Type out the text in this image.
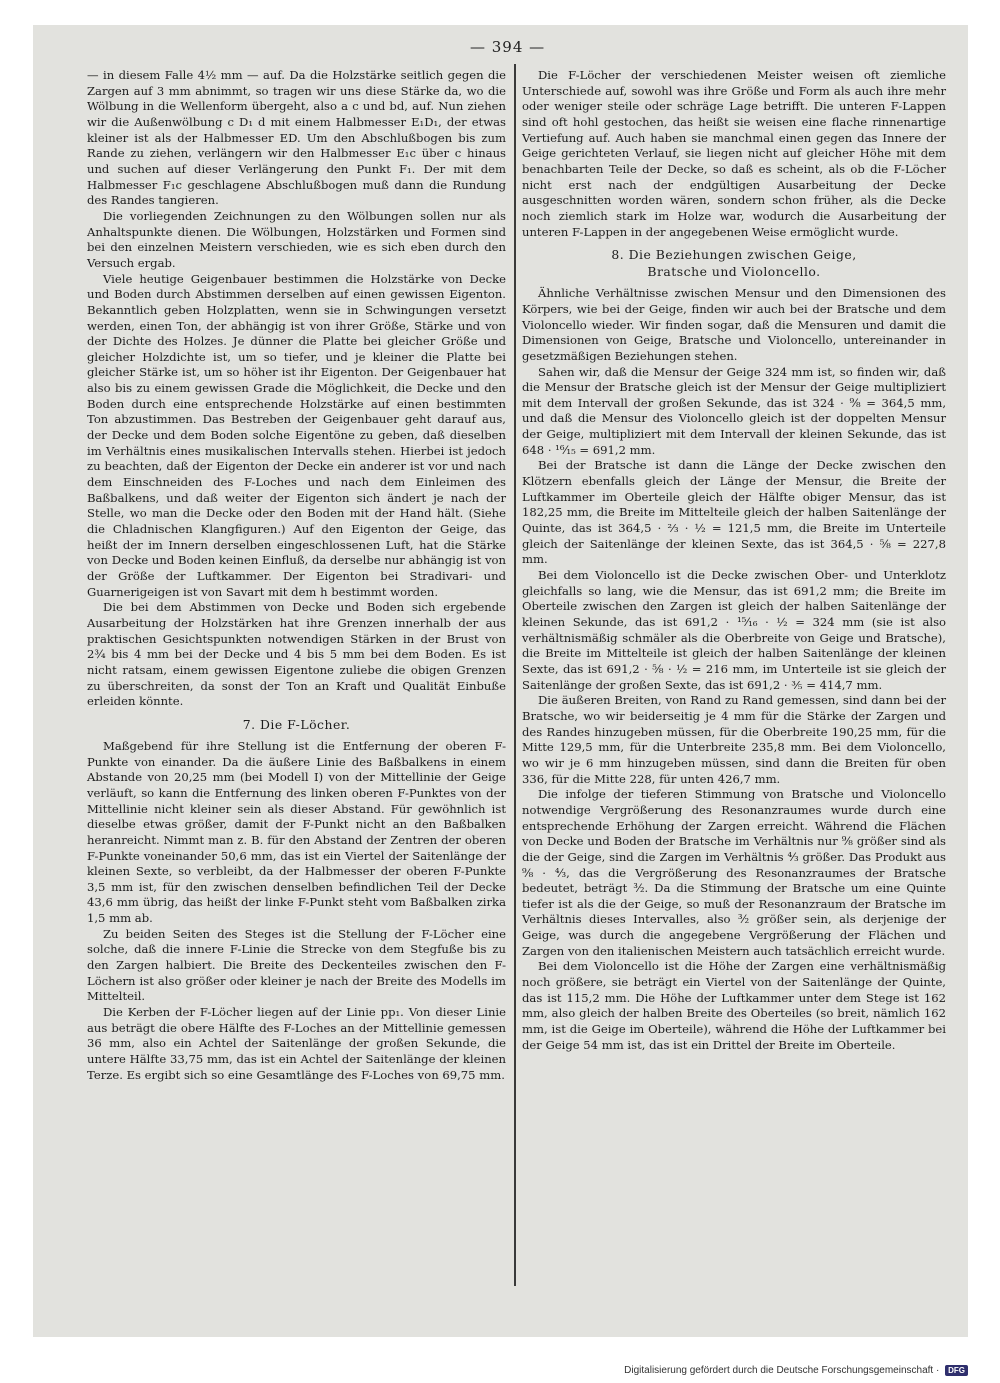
— 394 —

— in diesem Falle 4½ mm — auf. Da die Holzstärke seitlich gegen die Zargen auf 3 mm abnimmt, so tragen wir uns diese Stärke da, wo die Wölbung in die Wellenform übergeht, also a c und bd, auf. Nun ziehen wir die Außenwölbung c D₁ d mit einem Halbmesser E₁D₁, der etwas kleiner ist als der Halbmesser ED. Um den Abschlußbogen bis zum Rande zu ziehen, verlängern wir den Halbmesser E₁c über c hinaus und suchen auf dieser Verlängerung den Punkt F₁. Der mit dem Halbmesser F₁c geschlagene Abschlußbogen muß dann die Rundung des Randes tangieren.

Die vorliegenden Zeichnungen zu den Wölbungen sollen nur als Anhaltspunkte dienen. Die Wölbungen, Holzstärken und Formen sind bei den einzelnen Meistern verschieden, wie es sich eben durch den Versuch ergab.

Viele heutige Geigenbauer bestimmen die Holzstärke von Decke und Boden durch Abstimmen derselben auf einen gewissen Eigenton. Bekanntlich geben Holzplatten, wenn sie in Schwingungen versetzt werden, einen Ton, der abhängig ist von ihrer Größe, Stärke und von der Dichte des Holzes. Je dünner die Platte bei gleicher Größe und gleicher Holzdichte ist, um so tiefer, und je kleiner die Platte bei gleicher Stärke ist, um so höher ist ihr Eigenton. Der Geigenbauer hat also bis zu einem gewissen Grade die Möglichkeit, die Decke und den Boden durch eine entsprechende Holzstärke auf einen bestimmten Ton abzustimmen. Das Bestreben der Geigenbauer geht darauf aus, der Decke und dem Boden solche Eigentöne zu geben, daß dieselben im Verhältnis eines musikalischen Intervalls stehen. Hierbei ist jedoch zu beachten, daß der Eigenton der Decke ein anderer ist vor und nach dem Einschneiden des F-Loches und nach dem Einleimen des Baßbalkens, und daß weiter der Eigenton sich ändert je nach der Stelle, wo man die Decke oder den Boden mit der Hand hält. (Siehe die Chladnischen Klangfiguren.) Auf den Eigenton der Geige, das heißt der im Innern derselben eingeschlossenen Luft, hat die Stärke von Decke und Boden keinen Einfluß, da derselbe nur abhängig ist von der Größe der Luftkammer. Der Eigenton bei Stradivari- und Guarnerigeigen ist von Savart mit dem h bestimmt worden.

Die bei dem Abstimmen von Decke und Boden sich ergebende Ausarbeitung der Holzstärken hat ihre Grenzen innerhalb der aus praktischen Gesichtspunkten notwendigen Stärken in der Brust von 2¾ bis 4 mm bei der Decke und 4 bis 5 mm bei dem Boden. Es ist nicht ratsam, einem gewissen Eigentone zuliebe die obigen Grenzen zu überschreiten, da sonst der Ton an Kraft und Qualität Einbuße erleiden könnte.

7. Die F-Löcher.

Maßgebend für ihre Stellung ist die Entfernung der oberen F-Punkte von einander. Da die äußere Linie des Baßbalkens in einem Abstande von 20,25 mm (bei Modell I) von der Mittellinie der Geige verläuft, so kann die Entfernung des linken oberen F-Punktes von der Mittellinie nicht kleiner sein als dieser Abstand. Für gewöhnlich ist dieselbe etwas größer, damit der F-Punkt nicht an den Baßbalken heranreicht. Nimmt man z. B. für den Abstand der Zentren der oberen F-Punkte voneinander 50,6 mm, das ist ein Viertel der Saitenlänge der kleinen Sexte, so verbleibt, da der Halbmesser der oberen F-Punkte 3,5 mm ist, für den zwischen denselben befindlichen Teil der Decke 43,6 mm übrig, das heißt der linke F-Punkt steht vom Baßbalken zirka 1,5 mm ab.

Zu beiden Seiten des Steges ist die Stellung der F-Löcher eine solche, daß die innere F-Linie die Strecke von dem Stegfuße bis zu den Zargen halbiert. Die Breite des Deckenteiles zwischen den F-Löchern ist also größer oder kleiner je nach der Breite des Modells im Mittelteil.

Die Kerben der F-Löcher liegen auf der Linie pp₁. Von dieser Linie aus beträgt die obere Hälfte des F-Loches an der Mittellinie gemessen 36 mm, also ein Achtel der Saitenlänge der großen Sekunde, die untere Hälfte 33,75 mm, das ist ein Achtel der Saitenlänge der kleinen Terze. Es ergibt sich so eine Gesamtlänge des F-Loches von 69,75 mm.

Die F-Löcher der verschiedenen Meister weisen oft ziemliche Unterschiede auf, sowohl was ihre Größe und Form als auch ihre mehr oder weniger steile oder schräge Lage betrifft. Die unteren F-Lappen sind oft hohl gestochen, das heißt sie weisen eine flache rinnenartige Vertiefung auf. Auch haben sie manchmal einen gegen das Innere der Geige gerichteten Verlauf, sie liegen nicht auf gleicher Höhe mit dem benachbarten Teile der Decke, so daß es scheint, als ob die F-Löcher nicht erst nach der endgültigen Ausarbeitung der Decke ausgeschnitten worden wären, sondern schon früher, als die Decke noch ziemlich stark im Holze war, wodurch die Ausarbeitung der unteren F-Lappen in der angegebenen Weise ermöglicht wurde.

8. Die Beziehungen zwischen Geige,
Bratsche und Violoncello.

Ähnliche Verhältnisse zwischen Mensur und den Dimensionen des Körpers, wie bei der Geige, finden wir auch bei der Bratsche und dem Violoncello wieder. Wir finden sogar, daß die Mensuren und damit die Dimensionen von Geige, Bratsche und Violoncello, untereinander in gesetzmäßigen Beziehungen stehen.

Sahen wir, daß die Mensur der Geige 324 mm ist, so finden wir, daß die Mensur der Bratsche gleich ist der Mensur der Geige multipliziert mit dem Intervall der großen Sekunde, das ist 324 · ⁹⁄₈ = 364,5 mm, und daß die Mensur des Violoncello gleich ist der doppelten Mensur der Geige, multipliziert mit dem Intervall der kleinen Sekunde, das ist 648 · ¹⁶⁄₁₅ = 691,2 mm.

Bei der Bratsche ist dann die Länge der Decke zwischen den Klötzern ebenfalls gleich der Länge der Mensur, die Breite der Luftkammer im Oberteile gleich der Hälfte obiger Mensur, das ist 182,25 mm, die Breite im Mittelteile gleich der halben Saitenlänge der Quinte, das ist 364,5 · ⅔ · ½ = 121,5 mm, die Breite im Unterteile gleich der Saitenlänge der kleinen Sexte, das ist 364,5 · ⅝ = 227,8 mm.

Bei dem Violoncello ist die Decke zwischen Ober- und Unterklotz gleichfalls so lang, wie die Mensur, das ist 691,2 mm; die Breite im Oberteile zwischen den Zargen ist gleich der halben Saitenlänge der kleinen Sekunde, das ist 691,2 · ¹⁵⁄₁₆ · ½ = 324 mm (sie ist also verhältnismäßig schmäler als die Oberbreite von Geige und Bratsche), die Breite im Mittelteile ist gleich der halben Saitenlänge der kleinen Sexte, das ist 691,2 · ⅝ · ½ = 216 mm, im Unterteile ist sie gleich der Saitenlänge der großen Sexte, das ist 691,2 · ⅗ = 414,7 mm.

Die äußeren Breiten, von Rand zu Rand gemessen, sind dann bei der Bratsche, wo wir beiderseitig je 4 mm für die Stärke der Zargen und des Randes hinzugeben müssen, für die Oberbreite 190,25 mm, für die Mitte 129,5 mm, für die Unterbreite 235,8 mm. Bei dem Violoncello, wo wir je 6 mm hinzugeben müssen, sind dann die Breiten für oben 336, für die Mitte 228, für unten 426,7 mm.

Die infolge der tieferen Stimmung von Bratsche und Violoncello notwendige Vergrößerung des Resonanzraumes wurde durch eine entsprechende Erhöhung der Zargen erreicht. Während die Flächen von Decke und Boden der Bratsche im Verhältnis nur ⁹⁄₈ größer sind als die der Geige, sind die Zargen im Verhältnis ⁴⁄₃ größer. Das Produkt aus ⁹⁄₈ · ⁴⁄₃, das die Vergrößerung des Resonanzraumes der Bratsche bedeutet, beträgt ³⁄₂. Da die Stimmung der Bratsche um eine Quinte tiefer ist als die der Geige, so muß der Resonanzraum der Bratsche im Verhältnis dieses Intervalles, also ³⁄₂ größer sein, als derjenige der Geige, was durch die angegebene Vergrößerung der Flächen und Zargen von den italienischen Meistern auch tatsächlich erreicht wurde.

Bei dem Violoncello ist die Höhe der Zargen eine verhältnismäßig noch größere, sie beträgt ein Viertel von der Saitenlänge der Quinte, das ist 115,2 mm. Die Höhe der Luftkammer unter dem Stege ist 162 mm, also gleich der halben Breite des Oberteiles (so breit, nämlich 162 mm, ist die Geige im Oberteile), während die Höhe der Luftkammer bei der Geige 54 mm ist, das ist ein Drittel der Breite im Oberteile.

Digitalisierung gefördert durch die Deutsche Forschungsgemeinschaft · DFG
